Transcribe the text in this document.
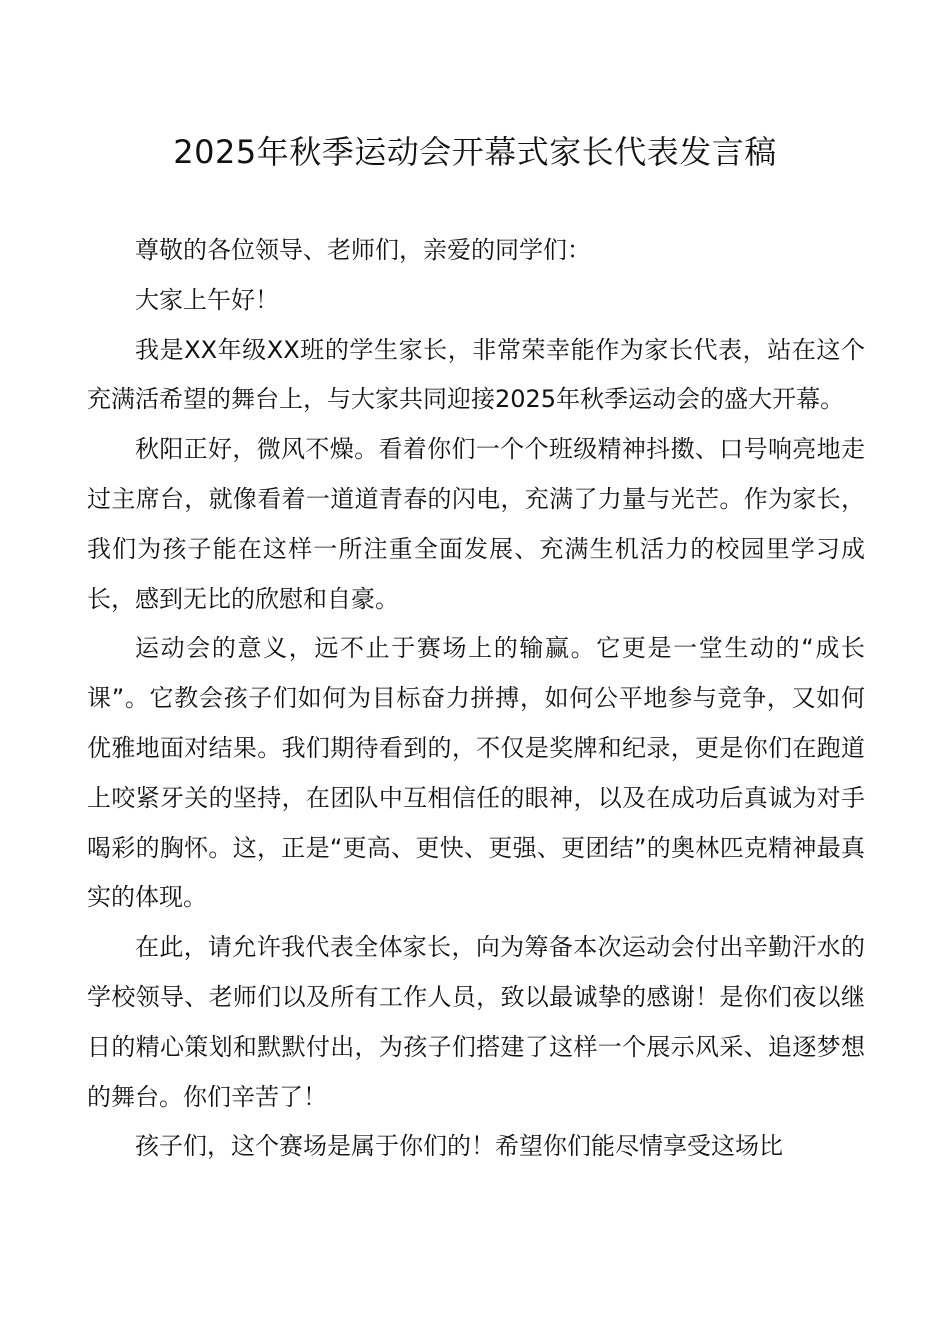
2025年秋季运动会开幕式家长代表发言稿

尊敬的各位领导、老师们，亲爱的同学们：

大家上午好！

我是XX年级XX班的学生家长，非常荣幸能作为家长代表，站在这个充满活希望的舞台上，与大家共同迎接2025年秋季运动会的盛大开幕。

秋阳正好，微风不燥。看着你们一个个班级精神抖擞、口号响亮地走过主席台，就像看着一道道青春的闪电，充满了力量与光芒。作为家长，我们为孩子能在这样一所注重全面发展、充满生机活力的校园里学习成长，感到无比的欣慰和自豪。

运动会的意义，远不止于赛场上的输赢。它更是一堂生动的“成长课”。它教会孩子们如何为目标奋力拼搏，如何公平地参与竞争，又如何优雅地面对结果。我们期待看到的，不仅是奖牌和纪录，更是你们在跑道上咬紧牙关的坚持，在团队中互相信任的眼神，以及在成功后真诚为对手喝彩的胸怀。这，正是“更高、更快、更强、更团结”的奥林匹克精神最真实的体现。

在此，请允许我代表全体家长，向为筹备本次运动会付出辛勤汗水的学校领导、老师们以及所有工作人员，致以最诚挚的感谢！是你们夜以继日的精心策划和默默付出，为孩子们搭建了这样一个展示风采、追逐梦想的舞台。你们辛苦了！

孩子们，这个赛场是属于你们的！希望你们能尽情享受这场比
